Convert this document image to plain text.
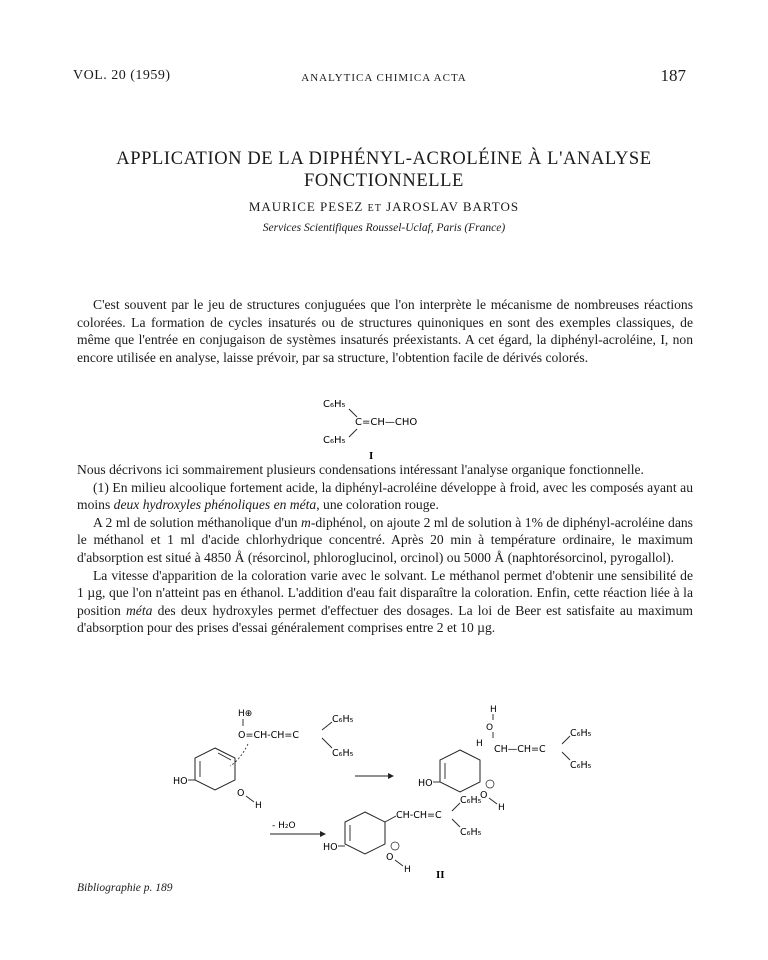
VOL. 20 (1959)	ANALYTICA CHIMICA ACTA	187
APPLICATION DE LA DIPHÉNYL-ACROLÉINE À L'ANALYSE FONCTIONNELLE
MAURICE PESEZ ET JAROSLAV BARTOS
Services Scientifiques Roussel-Uclaf, Paris (France)

C'est souvent par le jeu de structures conjuguées que l'on interprète le mécanisme de nombreuses réactions colorées. La formation de cycles insaturés ou de structures quinoniques en sont des exemples classiques, de même que l'entrée en conjugaison de systèmes insaturés préexistants. A cet égard, la diphényl-acroléine, I, non encore utilisée en analyse, laisse prévoir, par sa structure, l'obtention facile de dérivés colorés.

C₆H₅
C=CH—CHO
C₆H₅
I

Nous décrivons ici sommairement plusieurs condensations intéressant l'analyse organique fonctionnelle.

(1) En milieu alcoolique fortement acide, la diphényl-acroléine développe à froid, avec les composés ayant au moins deux hydroxyles phénoliques en méta, une coloration rouge.

A 2 ml de solution méthanolique d'un m-diphénol, on ajoute 2 ml de solution à 1% de diphényl-acroléine dans le méthanol et 1 ml d'acide chlorhydrique concentré. Après 20 min à température ordinaire, le maximum d'absorption est situé à 4850 Å (résorcinol, phloroglucinol, orcinol) ou 5000 Å (naphtorésorcinol, pyrogallol).

La vitesse d'apparition de la coloration varie avec le solvant. Le méthanol permet d'obtenir une sensibilité de 1 µg, que l'on n'atteint pas en éthanol. L'addition d'eau fait disparaître la coloration. Enfin, cette réaction liée à la position méta des deux hydroxyles permet d'effectuer des dosages. La loi de Beer est satisfaite au maximum d'absorption pour des prises d'essai généralement comprises entre 2 et 10 µg.

H⊕
O=CH-CH=C
C₆H₅
C₆H₅
HO
O
H
H
O
H CH—CH=C
C₆H₅
C₆H₅
HO
O
H
- H₂O
CH-CH=C
C₆H₅
C₆H₅
HO
O
H II
Bibliographie p. 189
